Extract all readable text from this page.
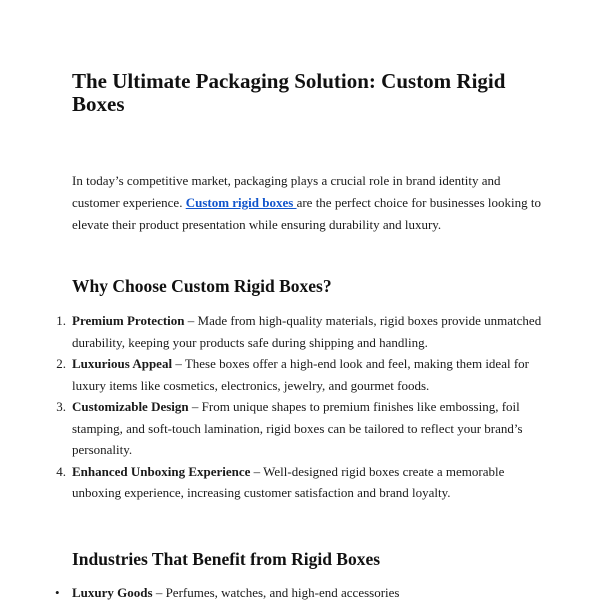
The Ultimate Packaging Solution: Custom Rigid Boxes

In today’s competitive market, packaging plays a crucial role in brand identity and customer experience. Custom rigid boxes are the perfect choice for businesses looking to elevate their product presentation while ensuring durability and luxury.

Why Choose Custom Rigid Boxes?
1. Premium Protection – Made from high-quality materials, rigid boxes provide unmatched durability, keeping your products safe during shipping and handling.
2. Luxurious Appeal – These boxes offer a high-end look and feel, making them ideal for luxury items like cosmetics, electronics, jewelry, and gourmet foods.
3. Customizable Design – From unique shapes to premium finishes like embossing, foil stamping, and soft-touch lamination, rigid boxes can be tailored to reflect your brand’s personality.
4. Enhanced Unboxing Experience – Well-designed rigid boxes create a memorable unboxing experience, increasing customer satisfaction and brand loyalty.
Industries That Benefit from Rigid Boxes
• Luxury Goods – Perfumes, watches, and high-end accessories
